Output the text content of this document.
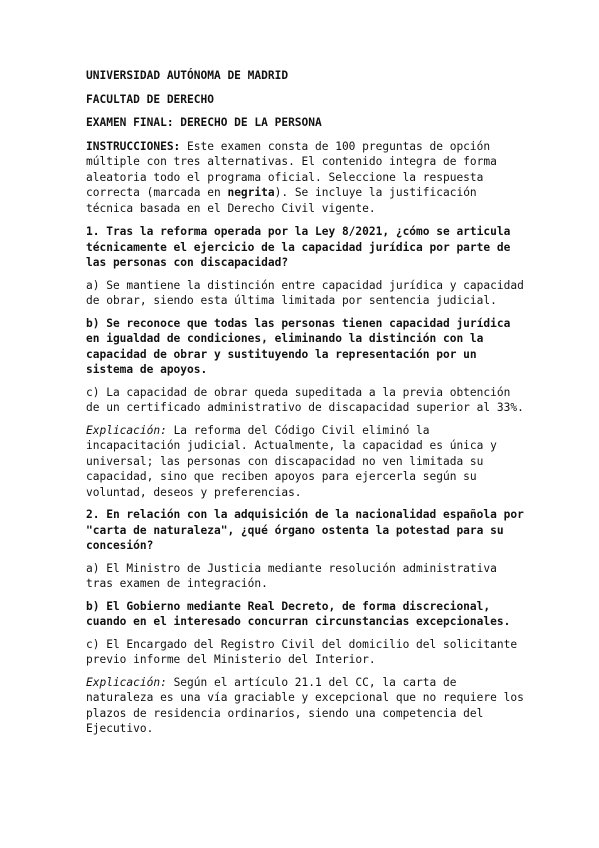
UNIVERSIDAD AUTÓNOMA DE MADRID

FACULTAD DE DERECHO

EXAMEN FINAL: DERECHO DE LA PERSONA

INSTRUCCIONES: Este examen consta de 100 preguntas de opción múltiple con tres alternativas. El contenido integra de forma aleatoria todo el programa oficial. Seleccione la respuesta correcta (marcada en negrita). Se incluye la justificación técnica basada en el Derecho Civil vigente.

1. Tras la reforma operada por la Ley 8/2021, ¿cómo se articula técnicamente el ejercicio de la capacidad jurídica por parte de las personas con discapacidad?

a) Se mantiene la distinción entre capacidad jurídica y capacidad de obrar, siendo esta última limitada por sentencia judicial.

b) Se reconoce que todas las personas tienen capacidad jurídica en igualdad de condiciones, eliminando la distinción con la capacidad de obrar y sustituyendo la representación por un sistema de apoyos.

c) La capacidad de obrar queda supeditada a la previa obtención de un certificado administrativo de discapacidad superior al 33%.

Explicación: La reforma del Código Civil eliminó la incapacitación judicial. Actualmente, la capacidad es única y universal; las personas con discapacidad no ven limitada su capacidad, sino que reciben apoyos para ejercerla según su voluntad, deseos y preferencias.

2. En relación con la adquisición de la nacionalidad española por "carta de naturaleza", ¿qué órgano ostenta la potestad para su concesión?

a) El Ministro de Justicia mediante resolución administrativa tras examen de integración.

b) El Gobierno mediante Real Decreto, de forma discrecional, cuando en el interesado concurran circunstancias excepcionales.

c) El Encargado del Registro Civil del domicilio del solicitante previo informe del Ministerio del Interior.

Explicación: Según el artículo 21.1 del CC, la carta de naturaleza es una vía graciable y excepcional que no requiere los plazos de residencia ordinarios, siendo una competencia del Ejecutivo.
